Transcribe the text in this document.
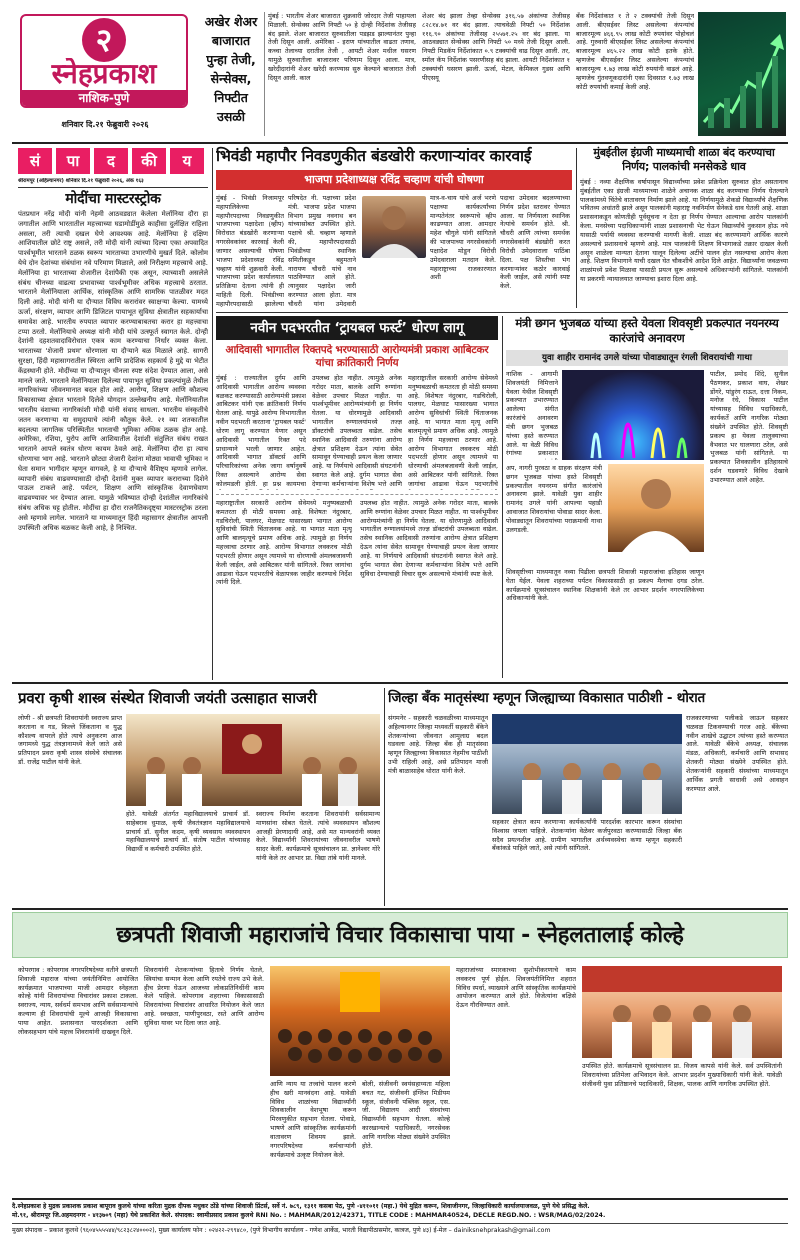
२
स्नेहप्रकाश
नाशिक-पुणे
शनिवार दि.२१ फेब्रुवारी २०२६
अखेर शेअर
बाजारात
पुन्हा तेजी,
सेन्सेक्स,
निफ्टीत
उसळी
मुंबई : भारतीय शेअर बाजारात शुक्रवारी जोरदार तेजी पाहायला मिळाली. सेन्सेक्स आणि निफ्टी ५० हे दोन्ही निर्देशांक तेजीसह बंद झाले. शेअर बाजारात सुरुवातीला पडझड झाल्यानंतर पुन्हा तेजी दिसून आली. अमेरिका - इराण यांच्यातील वाढता तणाव, कच्चा तेलाच्या दरातील तेजी , आयटी शेअर मधील घसरण यामुळे सुरुवातीला बाजारावर परिणाम दिसून आला. मात्र, खरेदीदारांनी शेअर खरेदी करण्यास सुरु केल्याने बाजारात तेजी दिसून आली. काल
शेअर बंद झाला तेव्हा सेन्सेक्स ३१६.५७ अंकांच्या तेजीसह ८२८१४.७१ वर बंद झाला. त्याचवेळी निफ्टी ५० निर्देशांक ११६.९० अंकांच्या तेजीसह २५५७१.२५ वर बंद झाला. या आठवड्यात सेन्सेक्स आणि निफ्टी ५० मध्ये तेजी दिसून आली. निफ्टी मिडकॅप निर्देशांकात ०.९ टक्क्यांची वाढ दिसून आली. तर, स्मॉल कॅप निर्देशांक पसरणीसह बंद झाला. आयटी निर्देशांकात १ टक्क्यांची घसरण झाली. ऊर्जा, मेटल, केमिकल गुडस आणि पीएसयू
बँक निर्देशांकात १ ते २ टक्क्यांची तेजी दिसून आली. बीएसईवर लिस्ट असलेल्या कंपन्यांचं बाजारमूल्य ४६६.९५ लाख कोटी रुपयांवर पोहोचलं आहे. गुरुवारी बीएसईवर लिस्ट असलेल्या कंपन्यांचं बाजारमूल्य ४६५.२२ लाख कोटी इतके होते. म्हणजेच बीएसईवर लिस्ट असलेल्या कंपन्यांचं बाजारमूल्य १.७३ लाख कोटी रुपयांनी वाढलं आहे. म्हणजेच गुंतवणूकदारांनी एका दिवसात १.७३ लाख कोटी रुपयांची कमाई केली आहे.
सं	पा	द	की	य
श्रीरामपूर (अहिल्यानगर) शनिवार दि.२१ फेब्रुवारी २०२६, अंक १६३
मोदींचा मास्टरस्ट्रोक
पंतप्रधान नरेंद्र मोदी यांनी नेहमी आठवड्यात केलेला मेलॉनिया दौरा हा जगातील आणि भारतातील महत्त्वाच्या घडामोडींमुळे काहीसा दुर्लक्षित राहिला असला, तरी त्याची दखल घेणे आवश्यक आहे. मेलॉनिया हे दक्षिण आशियातील छोटे राष्ट्र असले, तरी मोदी यांनी त्यांच्या दिल्या एका अपवादित पार्श्वभूमीत भारताने ठळक स्वरूप भारताच्या उभारणीचे मुखर्त दिले. कोलोम येथे दोन देशांच्या संबंधांना नवे परिमाण मिळाले, असे निरीक्षण महत्त्वाचे आहे. मेलॉनिया हा भारताच्या शेजारील देशांपैकी एक असून, त्याच्याशी असलेले संबंध चीनच्या वाढत्या प्रभावाच्या पार्श्वभूमीवर अधिक महत्त्वाचे ठरतात. भारताने मेलॉनियाला आर्थिक, सांस्कृतिक आणि सामरिक पातळीवर मदत दिली आहे. मोदी यांनी या दौऱ्यात विविध करारांवर स्वाक्षऱ्या केल्या. यामध्ये ऊर्जा, संरक्षण, व्यापार आणि डिजिटल पायाभूत सुविधा क्षेत्रातील सहकार्याचा समावेश आहे. भारतीय रुपयात व्यापार करण्याबाबतचा करार हा महत्त्वाचा टप्पा ठरतो. मेलॉनियाचे अध्यक्ष यांनी मोदी यांचे उत्स्फूर्त स्वागत केले. दोन्ही देशांनी दहशतवादाविरोधात एकत्र काम करण्याचा निर्धार व्यक्त केला. भारताच्या 'शेजारी प्रथम' धोरणाला या दौऱ्याने बळ मिळाले आहे. सागरी सुरक्षा, हिंदी महासागरातील स्थिरता आणि प्रादेशिक सहकार्य हे मुद्दे या भेटीत केंद्रस्थानी होते. मोदींच्या या दौऱ्यातून चीनला स्पष्ट संदेश देण्यात आला, असे मानले जाते. भारताने मेलॉनियाला दिलेल्या पायाभूत सुविधा प्रकल्पांमुळे तेथील नागरिकांच्या जीवनमानात बदल होत आहे. आरोग्य, शिक्षण आणि कौशल्य विकासाच्या क्षेत्रात भारताने दिलेले योगदान उल्लेखनीय आहे. मेलॉनियातील भारतीय वंशाच्या नागरिकांशी मोदी यांनी संवाद साधला. भारतीय संस्कृतीचे जतन करणाऱ्या या समुदायाचे त्यांनी कौतुक केले. २१ व्या शतकातील बदलत्या जागतिक परिस्थितीत भारताची भूमिका अधिक ठळक होत आहे. अमेरिका, रशिया, युरोप आणि आशियातील देशांशी संतुलित संबंध राखत भारताने आपले स्वतंत्र धोरण कायम ठेवले आहे. मेलॉनिया दौरा हा त्याच धोरणाचा भाग आहे. भारताने छोट्या शेजारी देशांना मोठ्या भावाची भूमिका न घेता समान भागीदार म्हणून वागवले, हे या दौऱ्याचे वैशिष्ट्य म्हणावे लागेल. व्यापारी संबंध वाढवण्यासाठी दोन्ही देशांनी मुक्त व्यापार कराराच्या दिशेने पाऊल टाकले आहे. पर्यटन, शिक्षण आणि सांस्कृतिक देवाणघेवाण वाढवण्यावर भर देण्यात आला. यामुळे भविष्यात दोन्ही देशांतील नागरिकांचे संबंध अधिक घट्ट होतील. मोदींचा हा दौरा राजनैतिकदृष्ट्या मास्टरस्ट्रोक ठरला असे म्हणावे लागेल. भारताने या माध्यमातून हिंदी महासागर क्षेत्रातील आपली उपस्थिती अधिक बळकट केली आहे, हे निश्चित.
भिवंडी महापौर निवडणुकीत बंडखोरी करणाऱ्यांवर कारवाई
भाजपा प्रदेशाध्यक्ष रविंद्र चव्हाण यांची घोषणा
मुंबई - भिवंडी निजामपूर महापालिकेच्या महापौरपदाच्या निवडणुकीत भाजपाच्या पक्षादेशा (व्हीप) विरोधात बंडखोरी करणाऱ्या नगरसेवकांवर कारवाई केली जाणार असल्याची घोषणा भाजपा प्रदेशाध्यक्ष रविंद्र चव्हाण यांनी शुक्रवारी केली. भाजपाच्या प्रदेश कार्यालयात प्रतिक्रिया देताना त्यांनी ही माहिती दिली. भिवंडीच्या महापौरपदासाठी झालेल्या
परिषदेत नी. पक्षाच्या प्रदेश मंत्री. भाजपा प्रदेश भाजपा विभाग प्रमुख नवनाथ बन यांच्यासोबत उपस्थित होते. पक्षाचे श्री. चव्हाण म्हणाले की, महापौरपदासाठी भिवंडीच्या स्थानिक समितीकडून बहुमताने नारायण चौधरी यांचे नाव पाठविण्यात आले होते. त्यानुसार पक्षादेश जारी करण्यात आला होता. मात्र चौधरी यांना उमेदवारी
मात्र-व-चाय यांचे अर्ज भरणे पक्षाच्या कार्यकर्त्यांच्या मान्यतेनंतर स्वरूपाचे व्हीप काढण्यात आला. आमदार महेश चौगुले यांनी सांगितले की भाजपाच्या नगरसेवकांनी पक्षादेश मोडून विरोधी उमेदवाराला मतदान केले. महाराष्ट्राच्या राजकारणात अशी
पदाचा उमेदवार बदलण्याच्या निर्णय प्रदेश स्तरावर घेण्यात आला. या निर्णयाला स्थानिक नेत्यांचे समर्थन होते. श्री. चौधरी आणि त्यांच्या समर्थक नगरसेवकांनी बंडखोरी करत विरोधी उमेदवाराला पाठिंबा दिला. पक्ष शिस्तीचा भंग करणाऱ्यांवर कठोर कारवाई केली जाईल, असे त्यांनी स्पष्ट केले.
मुंबईतील इंग्रजी माध्यमाची शाळा बंद करण्याचा निर्णय; पालकांची मनसेकडे धाव
मुंबई : नव्या शैक्षणिक वर्षापासून विद्यार्थ्यांच्या प्रवेश प्रक्रियेला सुरुवात होत असतानाच मुंबईतील एका इंग्रजी माध्यमाच्या शाळेने अचानक शाळा बंद करण्याचा निर्णय घेतल्याने पालकांमध्ये चिंतेचे वातावरण निर्माण झाले आहे. या निर्णयामुळे शेकडो विद्यार्थ्यांचे शैक्षणिक भवितव्य अधांतरी झाले असून पालकांनी महाराष्ट्र नवनिर्माण सेनेकडे धाव घेतली आहे. शाळा प्रशासनाकडून कोणतीही पूर्वसूचना न देता हा निर्णय घेण्यात आल्याचा आरोप पालकांनी केला. मनसेच्या पदाधिकाऱ्यांनी शाळा प्रशासनाची भेट घेऊन विद्यार्थ्यांचे नुकसान होऊ नये यासाठी पर्यायी व्यवस्था करण्याची मागणी केली. शाळा बंद करण्यामागे आर्थिक कारणे असल्याचे प्रशासनाचे म्हणणे आहे. मात्र पालकांनी शिक्षण विभागाकडे तक्रार दाखल केली असून शाळेला मान्यता देताना घालून दिलेल्या अटींचे पालन होत नसल्याचा आरोप केला आहे. शिक्षण विभागाने याची दखल घेत चौकशीचे आदेश दिले आहेत. विद्यार्थ्यांना जवळच्या शाळांमध्ये प्रवेश मिळावा यासाठी प्रयत्न सुरू असल्याचे अधिकाऱ्यांनी सांगितले. पालकांनी या प्रकरणी न्यायालयात जाण्याचा इशारा दिला आहे.
नवीन पदभरतीत ‘ट्रायबल फर्स्ट’ धोरण लागू
आदिवासी भागातील रिक्तपदे भरण्यासाठी आरोग्यमंत्री प्रकाश आबिटकर यांचा क्रांतिकारी निर्णय
मुंबई : राज्यातील दुर्गम आणि आदिवासी भागातील आरोग्य व्यवस्था बळकट करण्यासाठी आरोग्यमंत्री प्रकाश आबिटकर यांनी एक क्रांतिकारी निर्णय घेतला आहे. यापुढे आरोग्य विभागातील नवीन पदभरती करताना 'ट्रायबल फर्स्ट' धोरण लागू करण्यात येणार असून आदिवासी भागातील रिक्त पदे प्राधान्याने भरली जाणार आहेत. आदिवासी भागात डॉक्टर्स आणि परिचारिकांच्या अनेक जागा वर्षानुवर्षे रिक्त असल्याने आरोग्य सेवा कोलमडली होती. हा प्रश्न कायमचा
उपलब्ध होत नाहीत. त्यामुळे अनेक गरोदर माता, बालके आणि रुग्णांना वेळेवर उपचार मिळत नाहीत. या पार्श्वभूमीवर आरोग्यमंत्र्यांनी हा निर्णय घेतला. या धोरणामुळे आदिवासी भागातील रुग्णालयांमध्ये तज्ज्ञ डॉक्टरांची उपलब्धता वाढेल. तसेच स्थानिक आदिवासी तरुणांना आरोग्य क्षेत्रात प्रशिक्षण देऊन त्यांना सेवेत सामावून घेण्याचाही प्रयत्न केला जाणार आहे. या निर्णयाचे आदिवासी संघटनांनी स्वागत केले आहे. दुर्गम भागात सेवा देणाऱ्या कर्मचाऱ्यांना विशेष भत्ते आणि
महाराष्ट्रातील सरकारी आरोग्य सेवेमध्ये मनुष्यबळाची कमतरता ही मोठी समस्या आहे. विशेषतः नंदुरबार, गडचिरोली, पालघर, मेळघाट यासारख्या भागात आरोग्य सुविधांची स्थिती चिंताजनक आहे. या भागात माता मृत्यू आणि बालमृत्यूचे प्रमाण अधिक आहे. त्यामुळे हा निर्णय महत्त्वाचा ठरणार आहे. आरोग्य विभागात लवकरच मोठी पदभरती होणार असून त्यामध्ये या धोरणाची अंमलबजावणी केली जाईल, असे आबिटकर यांनी सांगितले. रिक्त जागांचा आढावा घेऊन पदभरतीचे
मंत्री छगन भुजबळ यांच्या हस्ते येवला शिवसृष्टी प्रकल्पात नयनरम्य कारंजांचे अनावरण
युवा शाहीर रामानंद उगले यांच्या पोवाड्यातून रंगली शिवरायांची गाथा
नाशिक - आगामी शिवजयंती निमित्ताने येवला येथील शिवसृष्टी प्रकल्पात उभारण्यात आलेल्या संगीत कारंजांचे अनावरण मंत्री छगन भुजबळ यांच्या हस्ते करण्यात आले. या वेळी विविध रंगांच्या प्रकाशात
पाटील, प्रमोद शिंदे, सुनील पैठणकर, प्रकाश वाघ, शेखर डोंगरे, पांडुरंग राऊत, दत्ता निकम, मनोज रंधे, विकास पाटील यांच्यासह विविध पदाधिकारी, कार्यकर्ते आणि नागरिक मोठ्या संख्येने उपस्थित होते. शिवसृष्टी प्रकल्प हा येवला तालुक्याच्या वैभवात भर घालणारा ठरेल, असे भुजबळ यांनी सांगितले. या प्रकल्पात शिवकालीन इतिहासाचे दर्शन घडवणारे विविध देखावे उभारण्यात आले आहेत.
अप, नागरी पुरवठा व ग्राहक संरक्षण मंत्री छगन भुजबळ यांच्या हस्ते शिवसृष्टी प्रकल्पातील नयनरम्य संगीत कारंजांचे अनावरण झाले. यावेळी युवा शाहीर रामानंद उगले यांनी आपल्या पहाडी आवाजात शिवरायांचा पोवाडा सादर केला. पोवाड्यातून शिवरायांच्या पराक्रमाची गाथा उलगडली.
शिवसृष्टीच्या माध्यमातून नव्या पिढीला छत्रपती शिवाजी महाराजांचा इतिहास जाणून घेता येईल. येवला शहराच्या पर्यटन विकासासाठी हा प्रकल्प मैलाचा दगड ठरेल. कार्यक्रमाचे सूत्रसंचालन स्थानिक शिक्षकांनी केले तर आभार प्रदर्शन नगरपालिकेच्या अधिकाऱ्यांनी केले.
महाराष्ट्रातील सरकारी आरोग्य सेवेमध्ये मनुष्यबळाची कमतरता ही मोठी समस्या आहे. विशेषतः नंदुरबार, गडचिरोली, पालघर, मेळघाट यासारख्या भागात आरोग्य सुविधांची स्थिती चिंताजनक आहे. या भागात माता मृत्यू आणि बालमृत्यूचे प्रमाण अधिक आहे. त्यामुळे हा निर्णय महत्त्वाचा ठरणार आहे. आरोग्य विभागात लवकरच मोठी पदभरती होणार असून त्यामध्ये या धोरणाची अंमलबजावणी केली जाईल, असे आबिटकर यांनी सांगितले. रिक्त जागांचा आढावा घेऊन पदभरतीचे वेळापत्रक जाहीर करण्याचे निर्देश त्यांनी दिले.
उपलब्ध होत नाहीत. त्यामुळे अनेक गरोदर माता, बालके आणि रुग्णांना वेळेवर उपचार मिळत नाहीत. या पार्श्वभूमीवर आरोग्यमंत्र्यांनी हा निर्णय घेतला. या धोरणामुळे आदिवासी भागातील रुग्णालयांमध्ये तज्ज्ञ डॉक्टरांची उपलब्धता वाढेल. तसेच स्थानिक आदिवासी तरुणांना आरोग्य क्षेत्रात प्रशिक्षण देऊन त्यांना सेवेत सामावून घेण्याचाही प्रयत्न केला जाणार आहे. या निर्णयाचे आदिवासी संघटनांनी स्वागत केले आहे. दुर्गम भागात सेवा देणाऱ्या कर्मचाऱ्यांना विशेष भत्ते आणि सुविधा देण्याचाही विचार सुरू असल्याचे मंत्र्यांनी स्पष्ट केले.
प्रवरा कृषी शास्त्र संस्थेत शिवाजी जयंती उत्साहात साजरी
लोणी - श्री छत्रपती शिवरायांनी स्वराज्य प्राप्त करताना व गड, किल्ले जिंकताना व युद्ध कौशल्य वापरले होते त्याचे अनुकरण आज जगामध्ये युद्ध तंत्रज्ञानामध्ये केले जाते असे प्रतिपादन प्रवरा कृषी शास्त्र संस्थेचे संचालक डॉ. राजेंद्र पाटील यांनी केले.
होते. यावेळी अंतर्गत महाविद्यालयाचे प्राचार्य डॉ. साहेबराव धुमाळ, कृषी जैवतंत्रज्ञान महाविद्यालयाचे प्राचार्य डॉ. सुनील कदम, कृषी व्यवसाय व्यवस्थापन महाविद्यालयाचे प्राचार्य डॉ. संतोष पाटील यांच्यासह विद्यार्थी व कर्मचारी उपस्थित होते.
स्वराज्य निर्माण करताना शिवरायांनी सर्वसामान्य माणसांना सोबत घेतले. त्यांचे व्यवस्थापन कौशल्य आजही प्रेरणादायी आहे, असे मत मान्यवरांनी व्यक्त केले. विद्यार्थ्यांनी शिवरायांच्या जीवनावरील भाषणे सादर केली. कार्यक्रमाचे सूत्रसंचालन प्रा. ज्ञानेश्वर गोरे यांनी केले तर आभार प्रा. विद्या तांबे यांनी मानले.
जिल्हा बँक मातृसंस्था म्हणून जिल्ह्याच्या विकासात पाठीशी - थोरात
संगमनेर - सहकारी चळवळीच्या माध्यमातून अहिल्यानगर जिल्हा मध्यवर्ती सहकारी बँकेने शेतकऱ्यांच्या जीवनात आमूलाग्र बदल घडवला आहे. जिल्हा बँक ही मातृसंस्था म्हणून जिल्ह्याच्या विकासात नेहमीच पाठीशी उभी राहिली आहे, असे प्रतिपादन माजी मंत्री बाळासाहेब थोरात यांनी केले.
राजकारणाच्या पलीकडे जाऊन सहकार चळवळ टिकवण्याची गरज आहे. बँकेच्या नवीन शाखेचे उद्घाटन त्यांच्या हस्ते करण्यात आले. यावेळी बँकेचे अध्यक्ष, संचालक मंडळ, अधिकारी, कर्मचारी आणि सभासद शेतकरी मोठ्या संख्येने उपस्थित होते. शेतकऱ्यांनी सहकारी संस्थांच्या माध्यमातून आर्थिक प्रगती साधावी असे आवाहन करण्यात आले.
सहकार क्षेत्रात काम करणाऱ्या कार्यकर्त्यांनी पारदर्शक कारभार करून संस्थांचा विश्वास जपला पाहिजे. शेतकऱ्यांना वेळेवर कर्जपुरवठा करण्यासाठी जिल्हा बँक सदैव प्रयत्नशील आहे. ग्रामीण भागातील अर्थव्यवस्थेचा कणा म्हणून सहकारी बँकांकडे पाहिले जाते, असे त्यांनी सांगितले.
छत्रपती शिवाजी महाराजांचे विचार विकासाचा पाया - स्नेहलतालाई कोल्हे
कोपरगाव : कोपरगाव नगरपरिषदेच्या वतीने छत्रपती शिवाजी महाराज यांच्या जयंतीनिमित्त आयोजित कार्यक्रमात भाजपाच्या माजी आमदार स्नेहलता कोल्हे यांनी शिवरायांच्या विचारांवर प्रकाश टाकला. स्वराज्य, न्याय, सर्वधर्म समभाव आणि सर्वसामान्यांचे कल्याण ही शिवरायांची मूल्ये आजही विकासाचा पाया आहेत. प्रशासनात पारदर्शकता आणि लोकसहभाग यांचे महत्त्व शिवरायांनी दाखवून दिले.
शिवरायांनी शेतकऱ्यांच्या हिताचे निर्णय घेतले, स्त्रियांचा सन्मान केला आणि रयतेचे राज्य उभे केले. हीच प्रेरणा घेऊन आजच्या लोकप्रतिनिधींनी काम केले पाहिजे. कोपरगाव शहराच्या विकासासाठी शिवरायांच्या विचारांवर आधारित नियोजन केले जात आहे. स्वच्छता, पाणीपुरवठा, रस्ते आणि आरोग्य सुविधा यावर भर दिला जात आहे.
आणि न्याय या तत्त्वांचे पालन करणे हीच खरी मानवंदना आहे. यावेळी विविध शाळांच्या विद्यार्थ्यांनी शिवकालीन वेशभूषा करून मिरवणुकीत सहभाग घेतला. पोवाडे, भाषणे आणि सांस्कृतिक कार्यक्रमांनी वातावरण शिवमय झाले. नगरपरिषदेच्या कर्मचाऱ्यांनी कार्यक्रमाचे उत्कृष्ट नियोजन केले.
बोली, संजीवनी स्वयंसहाय्यता महिला बचत गट, संजीवनी इंग्लिश मिडीयम स्कूल, संजीवनी पब्लिक स्कूल, एस. जी. विद्यालय आदी संस्थांच्या विद्यार्थ्यांनी सहभाग घेतला. कोल्हे कारखान्याचे पदाधिकारी, नगरसेवक आणि नागरिक मोठ्या संख्येने उपस्थित होते.
महाराजांच्या स्मारकाच्या सुशोभीकरणाचे काम लवकरच पूर्ण होईल. शिवजयंतीनिमित्त शहरात विविध स्पर्धा, व्याख्याने आणि सांस्कृतिक कार्यक्रमांचे आयोजन करण्यात आले होते. विजेत्यांना बक्षिसे देऊन गौरविण्यात आले.
उपस्थित होते. कार्यक्रमाचे सूत्रसंचालन प्रा. विजय कापसे यांनी केले. सर्व उपस्थितांनी शिवरायांच्या प्रतिमेला अभिवादन केले. आभार प्रदर्शन मुख्याधिकारी यांनी केले. यावेळी संजीवनी युवा प्रतिष्ठानचे पदाधिकारी, शिक्षक, पालक आणि नागरिक उपस्थित होते.
दै.स्नेहप्रकाश हे मुद्रक प्रकाशक प्रकाश बापूराव कुलथे यांच्या करिता मुद्रक दीपक मधुकर ठोंडे यांच्या शिवाजी प्रिंटर्स, सर्वे नं. ७८९, १३११ कसबा पेठ, पुणे -४११०११ (महा.) येथे मुद्रित करून, शिवाजीनगर, जिल्हाधिकारी कार्यालयाजवळ, पुणे येथे प्रसिद्ध केले.
मो.९१, श्रीरामपूर जि.अहमदनगर - ४१३७०९ (महा) येथे प्रकाशित केले. संपादक: स्वामीप्रसाद प्रकाश कुलथे RNI No. : MAHMAR/2012/42371, TITLE CODE : MAHMAR40524, DECLE REGD.NO. : WSR/MAG/02/2024.
मुख्य संपादक – प्रकाश कुलथे (९६०४५५५५४४/९८२३८२४०००२), मुख्य कार्यालय फोन : ०२४२२-२९९४८०, (पुणे विभागीय कार्यालय - गणेश आर्केड, भारती विद्यापीठासमोर, कात्रज, पुणे ४३) ई-मेल – dainiksnehprakash@gmail.com
